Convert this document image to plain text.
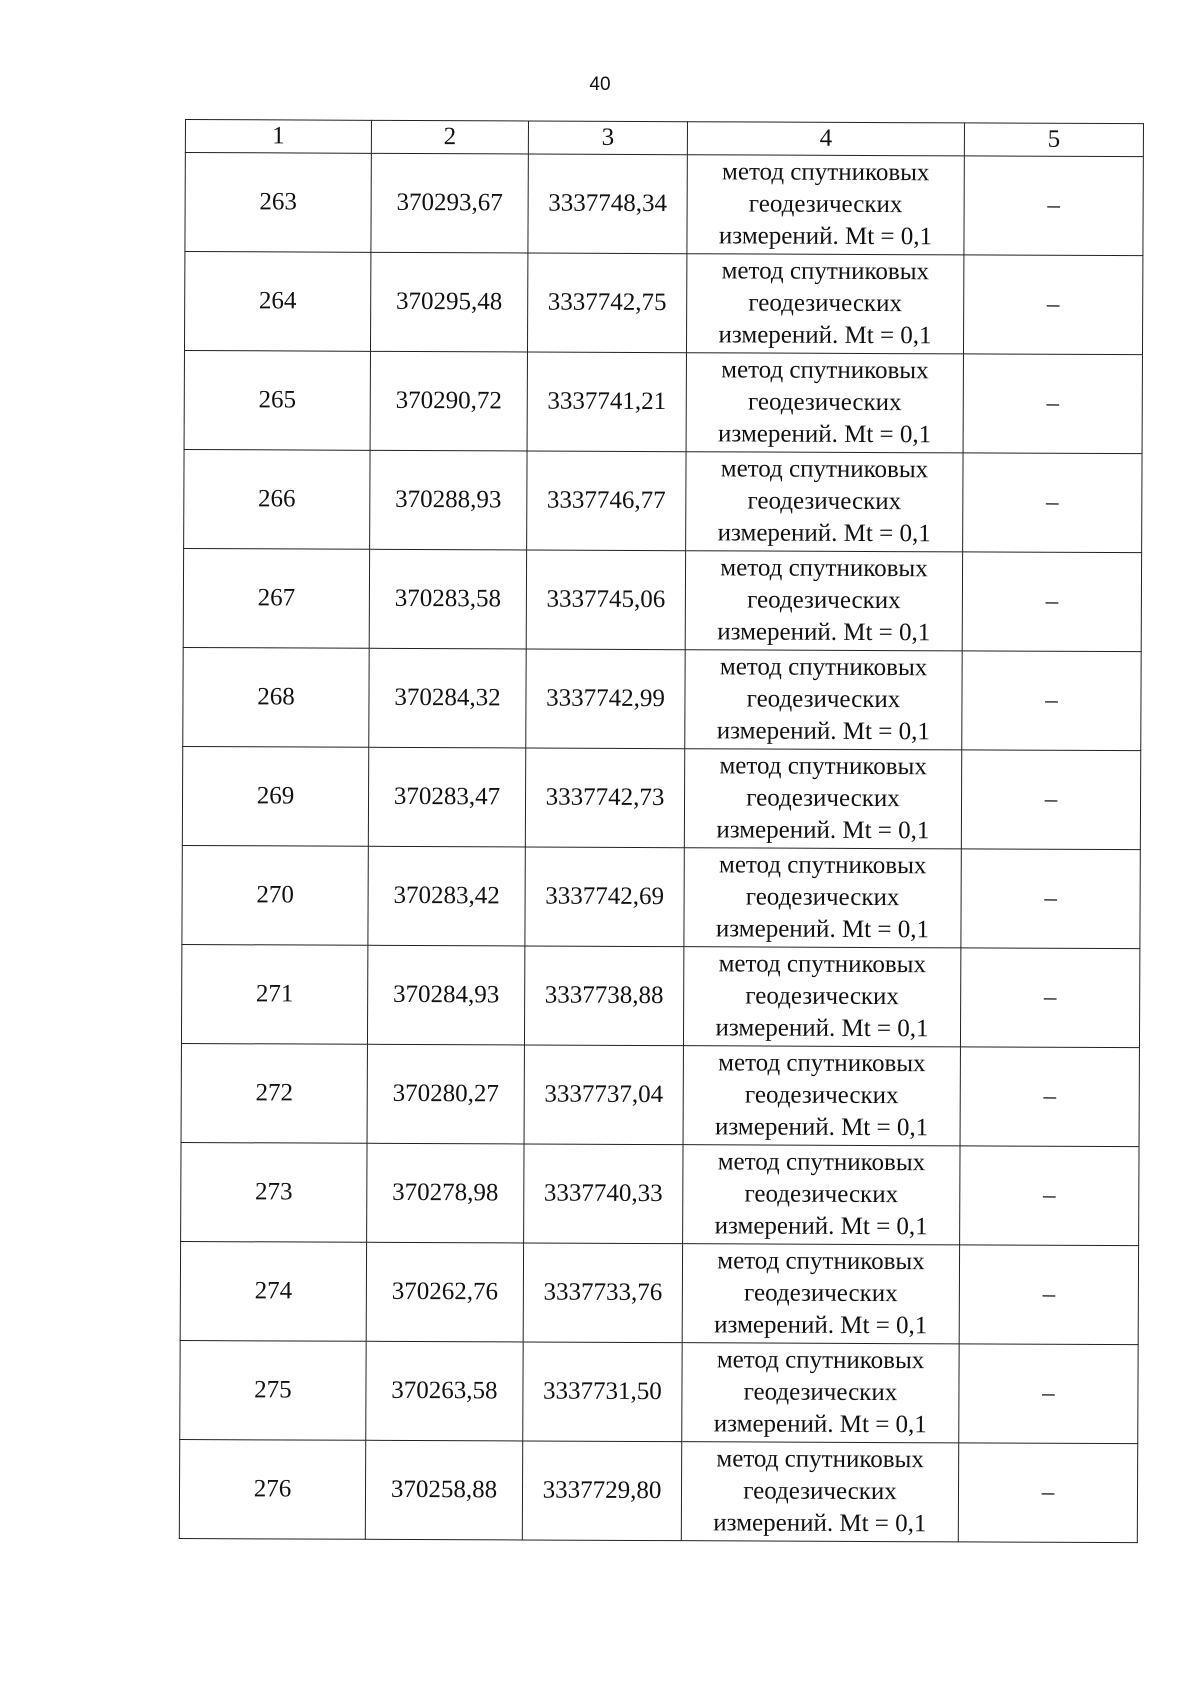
40
1	2	3	4	5
263	370293,67	3337748,34	метод спутниковых геодезических измерений. Mt = 0,1	–
264	370295,48	3337742,75	метод спутниковых геодезических измерений. Mt = 0,1	–
265	370290,72	3337741,21	метод спутниковых геодезических измерений. Mt = 0,1	–
266	370288,93	3337746,77	метод спутниковых геодезических измерений. Mt = 0,1	–
267	370283,58	3337745,06	метод спутниковых геодезических измерений. Mt = 0,1	–
268	370284,32	3337742,99	метод спутниковых геодезических измерений. Mt = 0,1	–
269	370283,47	3337742,73	метод спутниковых геодезических измерений. Mt = 0,1	–
270	370283,42	3337742,69	метод спутниковых геодезических измерений. Mt = 0,1	–
271	370284,93	3337738,88	метод спутниковых геодезических измерений. Mt = 0,1	–
272	370280,27	3337737,04	метод спутниковых геодезических измерений. Mt = 0,1	–
273	370278,98	3337740,33	метод спутниковых геодезических измерений. Mt = 0,1	–
274	370262,76	3337733,76	метод спутниковых геодезических измерений. Mt = 0,1	–
275	370263,58	3337731,50	метод спутниковых геодезических измерений. Mt = 0,1	–
276	370258,88	3337729,80	метод спутниковых геодезических измерений. Mt = 0,1	–
